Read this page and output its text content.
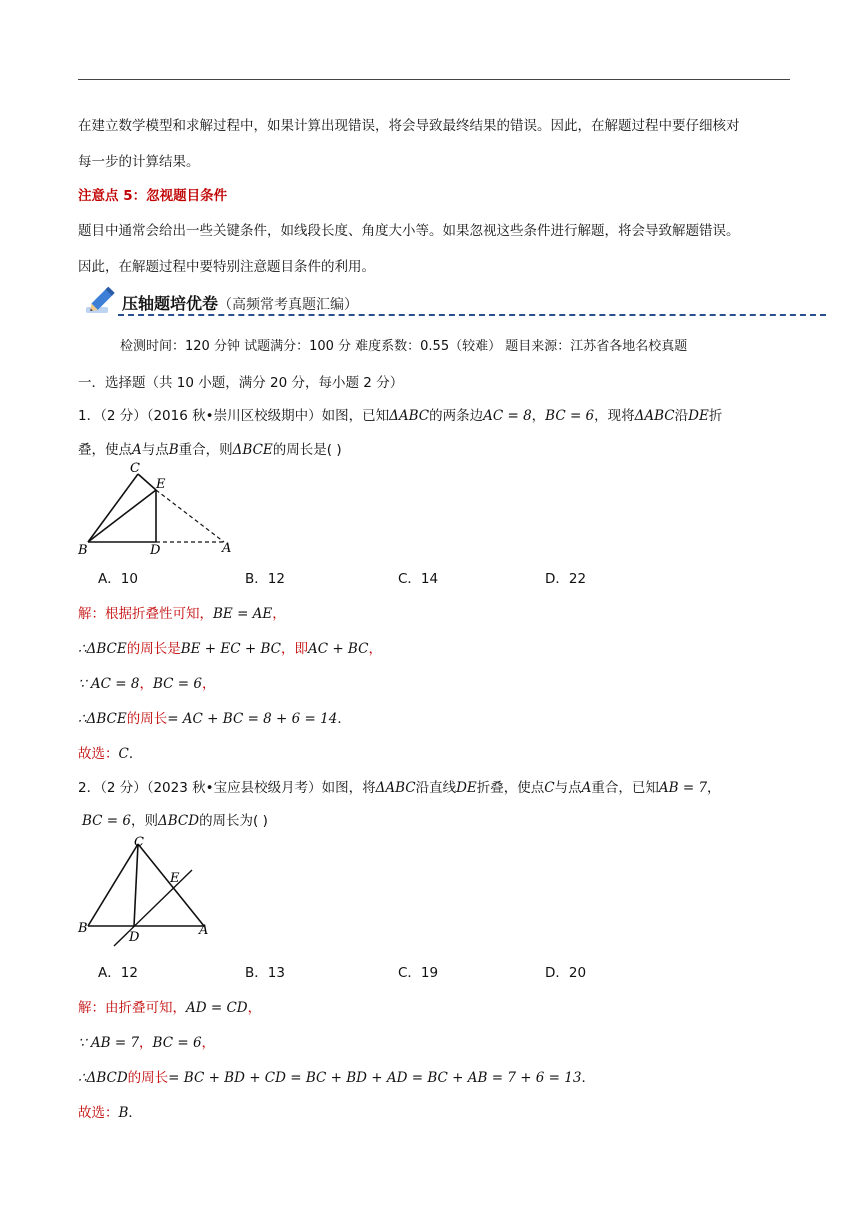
在建立数学模型和求解过程中，如果计算出现错误，将会导致最终结果的错误。因此，在解题过程中要仔细核对
每一步的计算结果。
注意点 5：忽视题目条件
题目中通常会给出一些关键条件，如线段长度、角度大小等。如果忽视这些条件进行解题，将会导致解题错误。
因此，在解题过程中要特别注意题目条件的利用。
压轴题培优卷（高频常考真题汇编）
检测时间：120 分钟 试题满分：100 分 难度系数：0.55（较难） 题目来源：江苏省各地名校真题
一．选择题（共 10 小题，满分 20 分，每小题 2 分）
1．（2 分）（2016 秋•崇川区校级期中）如图，已知ΔABC的两条边AC = 8，BC = 6，现将ΔABC沿DE折
叠，使点A与点B重合，则ΔBCE的周长是( )
C
E
B	D	A
A．10	B．12	C．14	D．22
解：根据折叠性可知，BE = AE，
∴ΔBCE的周长是BE + EC + BC，即AC + BC，
∵ AC = 8，BC = 6，
∴ΔBCE的周长= AC + BC = 8 + 6 = 14．
故选：C．
2．（2 分）（2023 秋•宝应县校级月考）如图，将ΔABC沿直线DE折叠，使点C与点A重合，已知AB = 7，
BC = 6，则ΔBCD的周长为( )
C
E
B
D	A
A．12	B．13	C．19	D．20
解：由折叠可知，AD = CD，
∵ AB = 7，BC = 6，
∴ΔBCD的周长= BC + BD + CD = BC + BD + AD = BC + AB = 7 + 6 = 13．
故选：B．
